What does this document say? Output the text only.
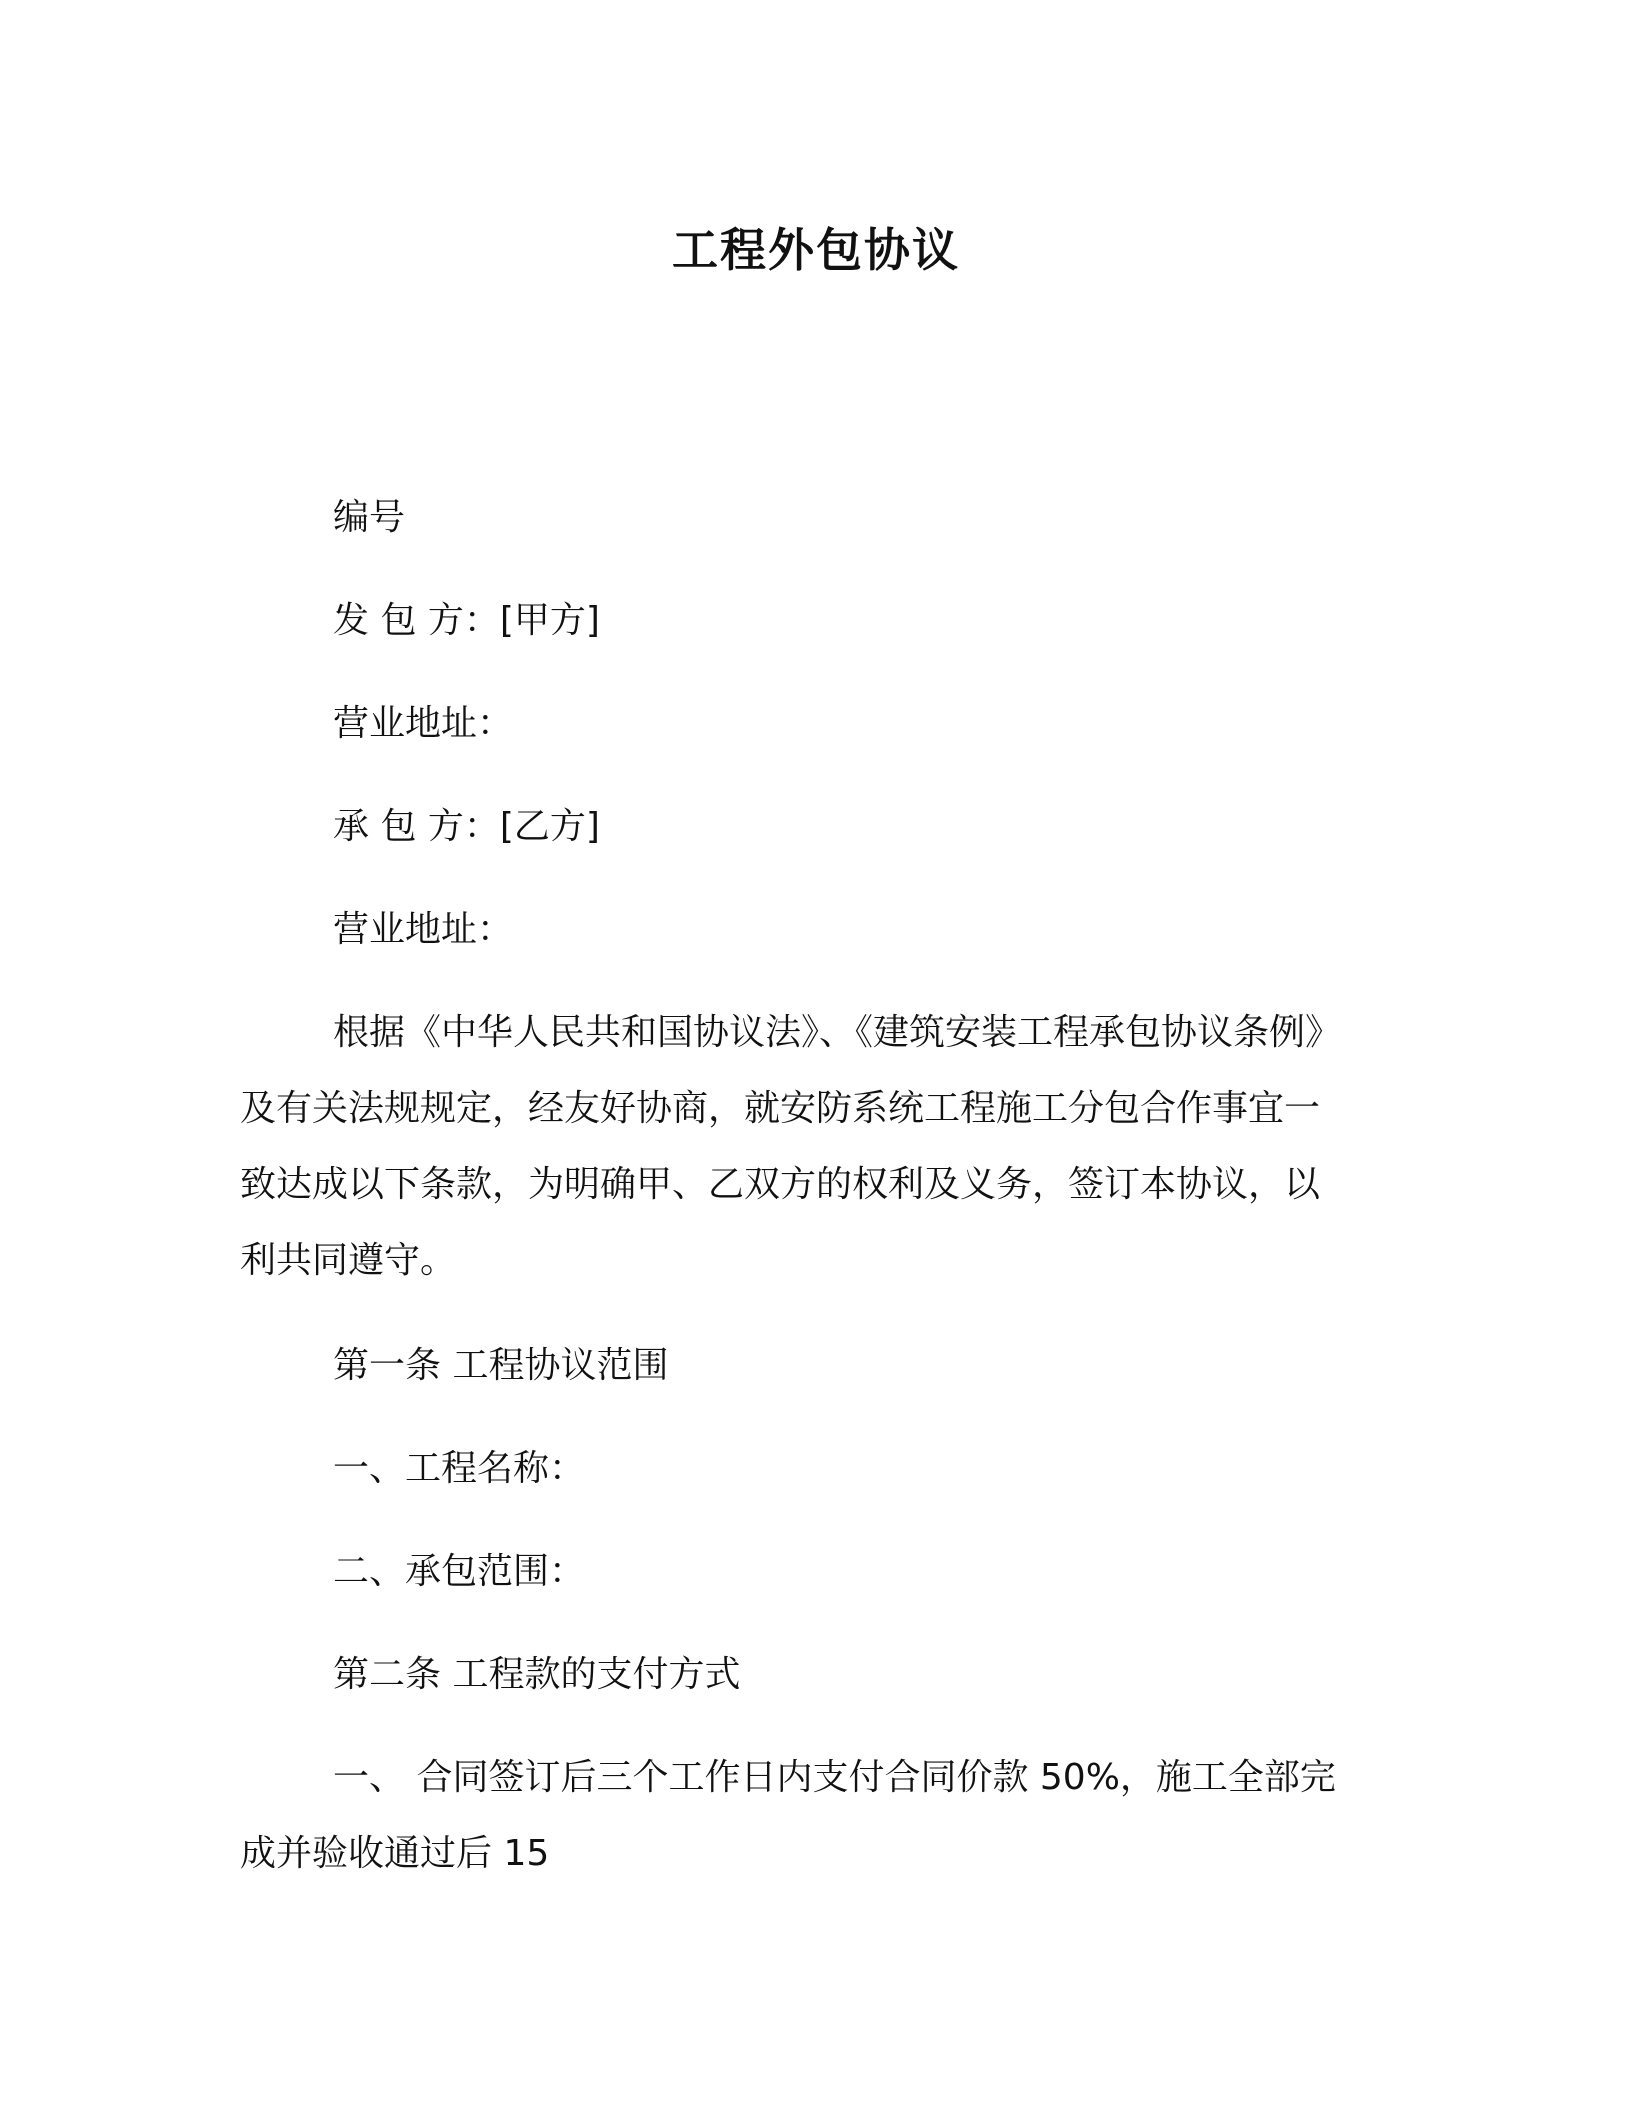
工程外包协议
编号
发 包 方：[甲方]
营业地址：
承 包 方：[乙方]
营业地址：
根据《中华人民共和国协议法》、《建筑安装工程承包协议条例》
及有关法规规定，经友好协商，就安防系统工程施工分包合作事宜一
致达成以下条款，为明确甲、乙双方的权利及义务，签订本协议，以
利共同遵守。
第一条 工程协议范围
一、工程名称：
二、承包范围：
第二条 工程款的支付方式
一、 合同签订后三个工作日内支付合同价款 50%，施工全部完
成并验收通过后 15
